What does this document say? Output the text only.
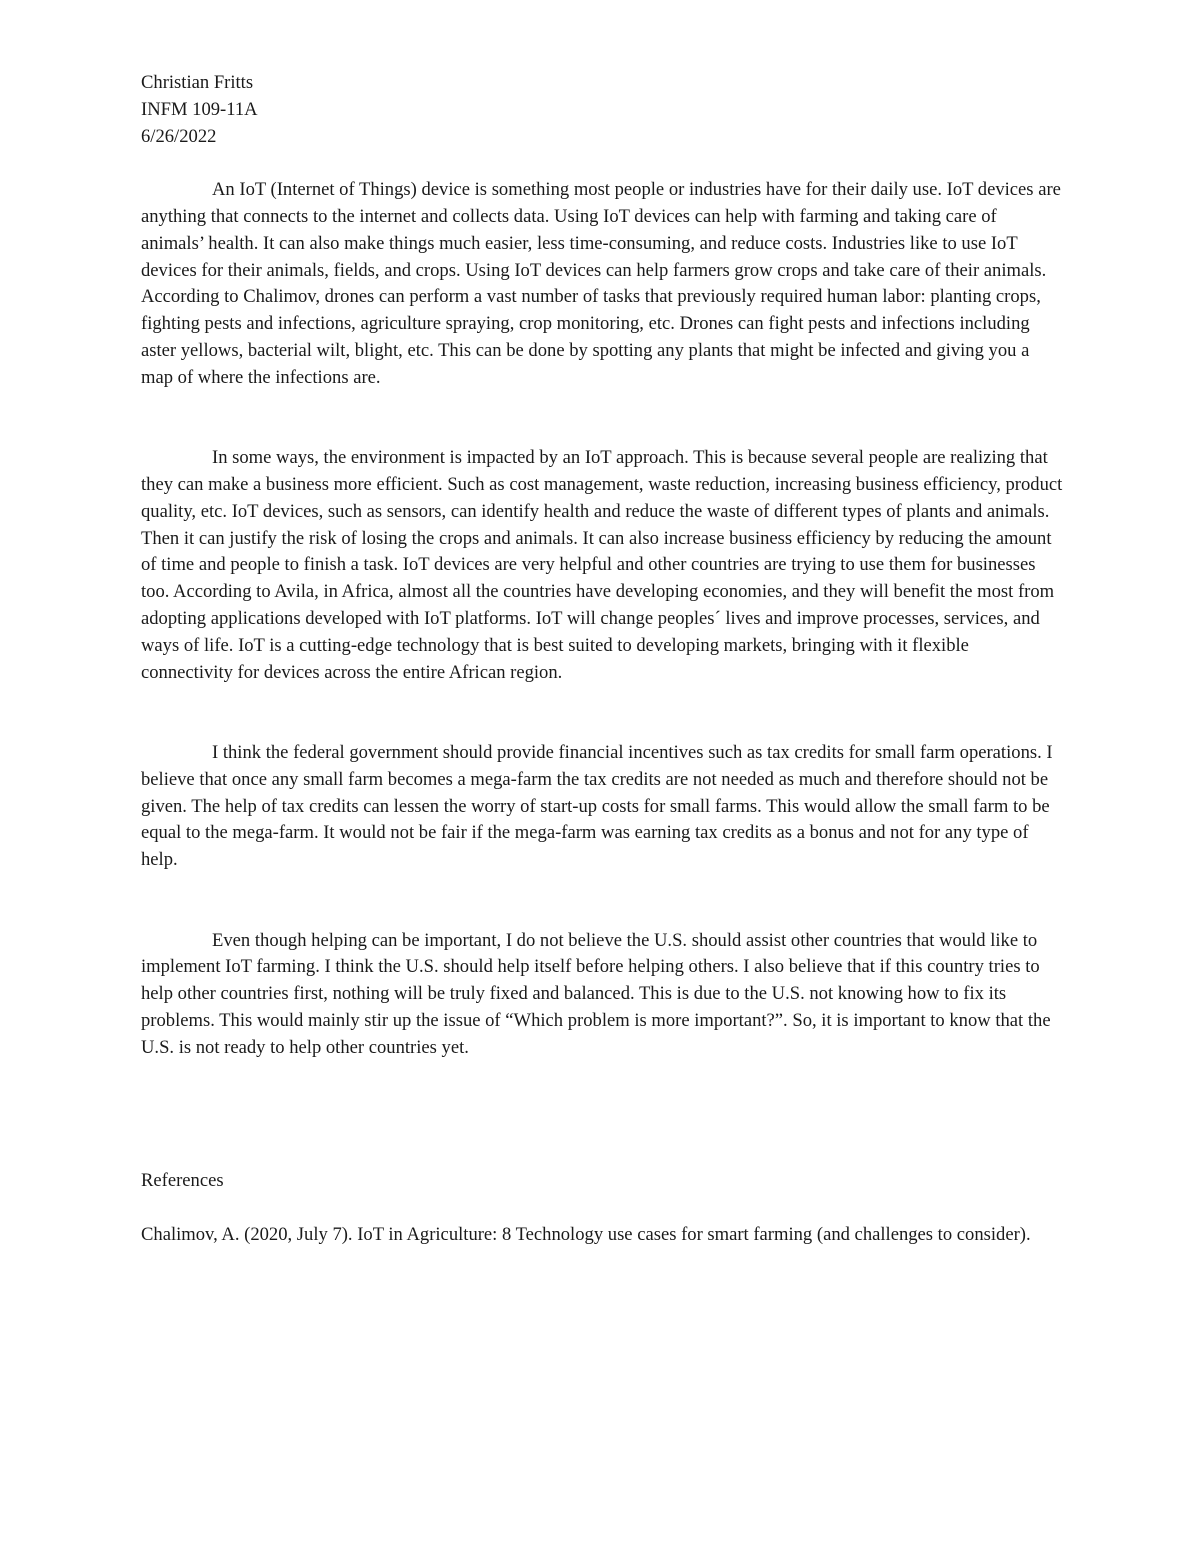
Christian Fritts
INFM 109-11A
6/26/2022

An IoT (Internet of Things) device is something most people or industries have for their daily use. IoT devices are anything that connects to the internet and collects data. Using IoT devices can help with farming and taking care of animals’ health. It can also make things much easier, less time-consuming, and reduce costs. Industries like to use IoT devices for their animals, fields, and crops. Using IoT devices can help farmers grow crops and take care of their animals. According to Chalimov, drones can perform a vast number of tasks that previously required human labor: planting crops, fighting pests and infections, agriculture spraying, crop monitoring, etc. Drones can fight pests and infections including aster yellows, bacterial wilt, blight, etc. This can be done by spotting any plants that might be infected and giving you a map of where the infections are.

In some ways, the environment is impacted by an IoT approach. This is because several people are realizing that they can make a business more efficient. Such as cost management, waste reduction, increasing business efficiency, product quality, etc. IoT devices, such as sensors, can identify health and reduce the waste of different types of plants and animals. Then it can justify the risk of losing the crops and animals. It can also increase business efficiency by reducing the amount of time and people to finish a task. IoT devices are very helpful and other countries are trying to use them for businesses too. According to Avila, in Africa, almost all the countries have developing economies, and they will benefit the most from adopting applications developed with IoT platforms. IoT will change peoples´ lives and improve processes, services, and ways of life. IoT is a cutting-edge technology that is best suited to developing markets, bringing with it flexible connectivity for devices across the entire African region.

I think the federal government should provide financial incentives such as tax credits for small farm operations. I believe that once any small farm becomes a mega-farm the tax credits are not needed as much and therefore should not be given. The help of tax credits can lessen the worry of start-up costs for small farms. This would allow the small farm to be equal to the mega-farm. It would not be fair if the mega-farm was earning tax credits as a bonus and not for any type of help.

Even though helping can be important, I do not believe the U.S. should assist other countries that would like to implement IoT farming. I think the U.S. should help itself before helping others. I also believe that if this country tries to help other countries first, nothing will be truly fixed and balanced. This is due to the U.S. not knowing how to fix its problems. This would mainly stir up the issue of “Which problem is more important?”. So, it is important to know that the U.S. is not ready to help other countries yet.

References

Chalimov, A. (2020, July 7). IoT in Agriculture: 8 Technology use cases for smart farming (and challenges to consider).
